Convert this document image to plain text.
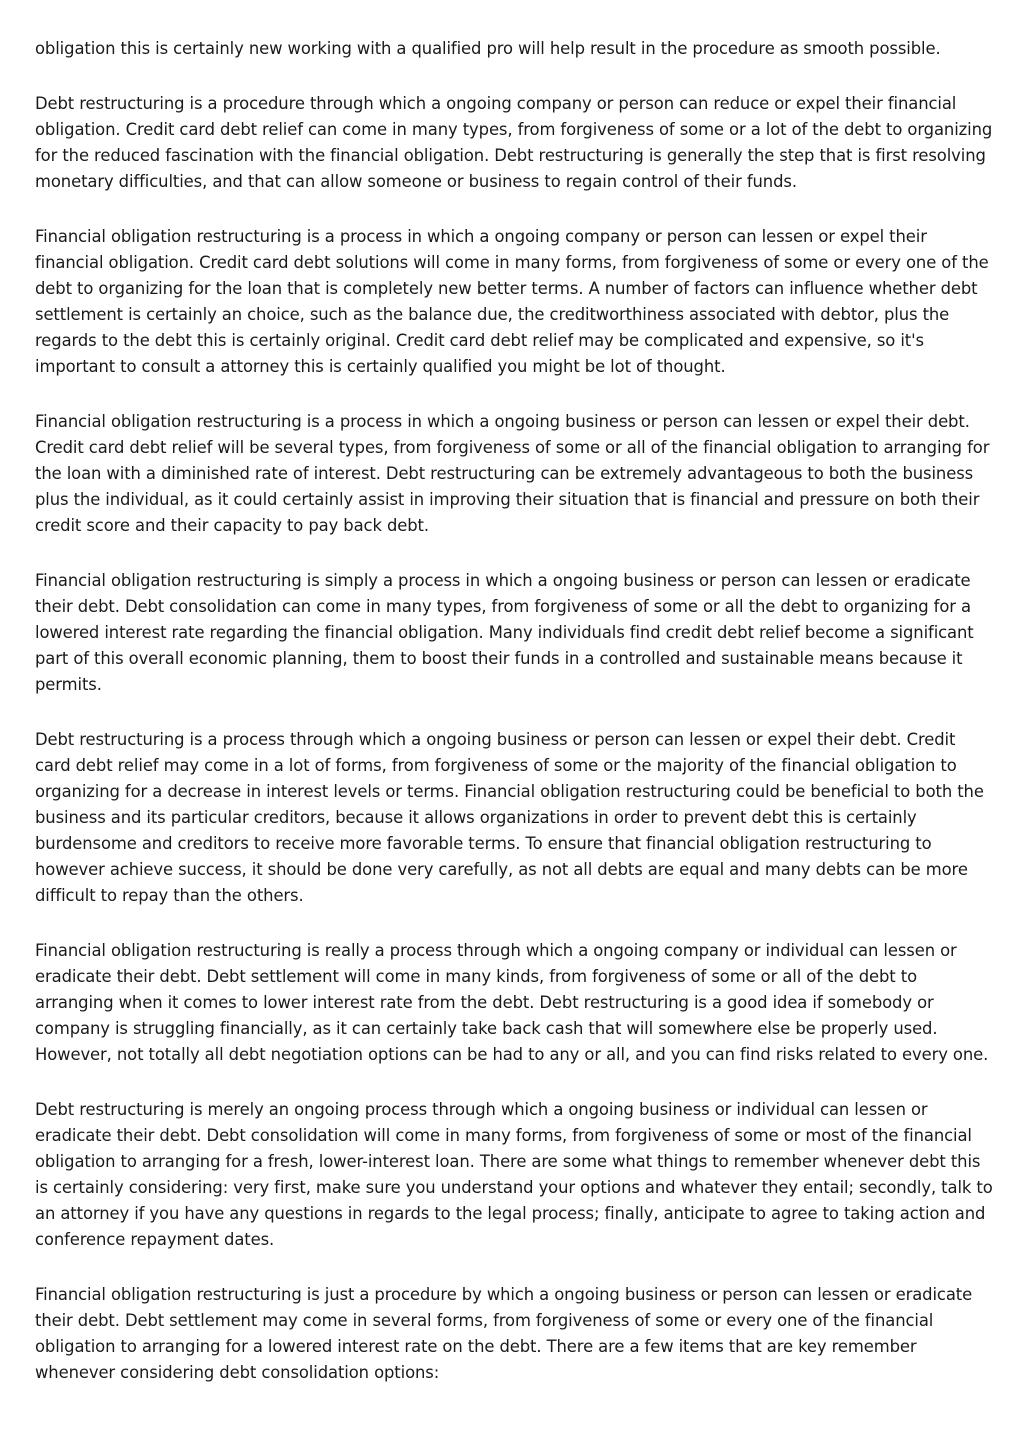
obligation this is certainly new working with a qualified pro will help result in the procedure as smooth possible.

Debt restructuring is a procedure through which a ongoing company or person can reduce or expel their financial obligation. Credit card debt relief can come in many types, from forgiveness of some or a lot of the debt to organizing for the reduced fascination with the financial obligation. Debt restructuring is generally the step that is first resolving monetary difficulties, and that can allow someone or business to regain control of their funds.

Financial obligation restructuring is a process in which a ongoing company or person can lessen or expel their financial obligation. Credit card debt solutions will come in many forms, from forgiveness of some or every one of the debt to organizing for the loan that is completely new better terms. A number of factors can influence whether debt settlement is certainly an choice, such as the balance due, the creditworthiness associated with debtor, plus the regards to the debt this is certainly original. Credit card debt relief may be complicated and expensive, so it's important to consult a attorney this is certainly qualified you might be lot of thought.

Financial obligation restructuring is a process in which a ongoing business or person can lessen or expel their debt. Credit card debt relief will be several types, from forgiveness of some or all of the financial obligation to arranging for the loan with a diminished rate of interest. Debt restructuring can be extremely advantageous to both the business plus the individual, as it could certainly assist in improving their situation that is financial and pressure on both their credit score and their capacity to pay back debt.

Financial obligation restructuring is simply a process in which a ongoing business or person can lessen or eradicate their debt. Debt consolidation can come in many types, from forgiveness of some or all the debt to organizing for a lowered interest rate regarding the financial obligation. Many individuals find credit debt relief become a significant part of this overall economic planning, them to boost their funds in a controlled and sustainable means because it permits.

Debt restructuring is a process through which a ongoing business or person can lessen or expel their debt. Credit card debt relief may come in a lot of forms, from forgiveness of some or the majority of the financial obligation to organizing for a decrease in interest levels or terms. Financial obligation restructuring could be beneficial to both the business and its particular creditors, because it allows organizations in order to prevent debt this is certainly burdensome and creditors to receive more favorable terms. To ensure that financial obligation restructuring to however achieve success, it should be done very carefully, as not all debts are equal and many debts can be more difficult to repay than the others.

Financial obligation restructuring is really a process through which a ongoing company or individual can lessen or eradicate their debt. Debt settlement will come in many kinds, from forgiveness of some or all of the debt to arranging when it comes to lower interest rate from the debt. Debt restructuring is a good idea if somebody or company is struggling financially, as it can certainly take back cash that will somewhere else be properly used. However, not totally all debt negotiation options can be had to any or all, and you can find risks related to every one.

Debt restructuring is merely an ongoing process through which a ongoing business or individual can lessen or eradicate their debt. Debt consolidation will come in many forms, from forgiveness of some or most of the financial obligation to arranging for a fresh, lower-interest loan. There are some what things to remember whenever debt this is certainly considering: very first, make sure you understand your options and whatever they entail; secondly, talk to an attorney if you have any questions in regards to the legal process; finally, anticipate to agree to taking action and conference repayment dates.

Financial obligation restructuring is just a procedure by which a ongoing business or person can lessen or eradicate their debt. Debt settlement may come in several forms, from forgiveness of some or every one of the financial obligation to arranging for a lowered interest rate on the debt. There are a few items that are key remember whenever considering debt consolidation options:
